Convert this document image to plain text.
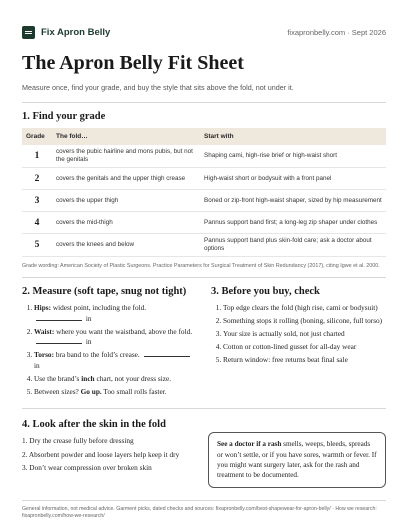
Fix Apron Belly	fixapronbelly.com · Sept 2026
The Apron Belly Fit Sheet

Measure once, find your grade, and buy the style that sits above the fold, not under it.

1. Find your grade
Grade	The fold…	Start with
1	covers the pubic hairline and mons pubis, but not the genitals	Shaping cami, high-rise brief or high-waist short
2	covers the genitals and the upper thigh crease	High-waist short or bodysuit with a front panel
3	covers the upper thigh	Boned or zip-front high-waist shaper, sized by hip measurement
4	covers the mid-thigh	Pannus support band first; a long-leg zip shaper under clothes
5	covers the knees and below	Pannus support band plus skin-fold care; ask a doctor about options

Grade wording: American Society of Plastic Surgeons. Practice Parameters for Surgical Treatment of Skin Redundancy (2017), citing Igwe et al. 2000.

2. Measure (soft tape, snug not tight)
1. Hips: widest point, including the fold.
in
2. Waist: where you want the waistband, above the fold.  in
3. Torso: bra band to the fold’s crease.  in
4. Use the brand’s inch chart, not your dress size.
5. Between sizes? Go up. Too small rolls faster.
3. Before you buy, check
1. Top edge clears the fold (high rise, cami or bodysuit)
2. Something stops it rolling (boning, silicone, full torso)
3. Your size is actually sold, not just charted
4. Cotton or cotton-lined gusset for all-day wear
5. Return window: free returns beat final sale
4. Look after the skin in the fold
1. Dry the crease fully before dressing
2. Absorbent powder and loose layers help keep it dry
3. Don’t wear compression over broken skin
See a doctor if a rash smells, weeps, bleeds, spreads or won’t settle, or if you have sores, warmth or fever. If you might want surgery later, ask for the rash and treatment to be documented.
General information, not medical advice. Garment picks, dated checks and sources: fixapronbelly.com/best-shapewear-for-apron-belly/ · How we research: fixapronbelly.com/how-we-research/
